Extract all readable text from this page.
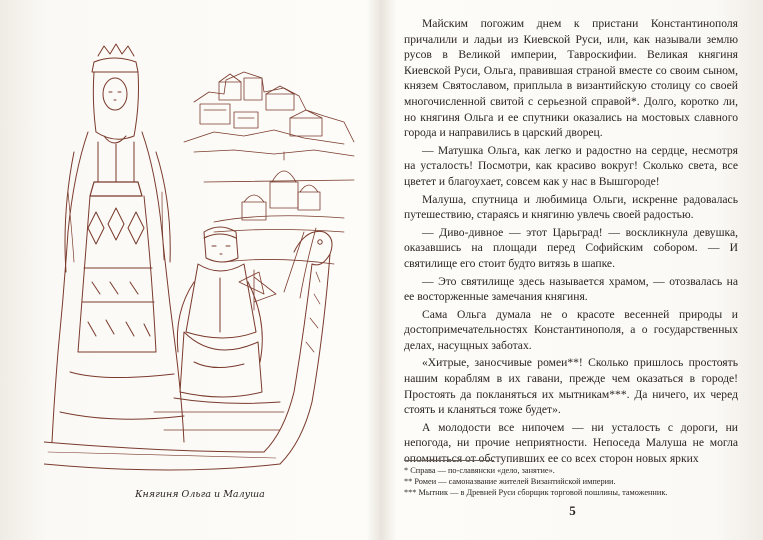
Княгиня Ольга и Малуша

Майским погожим днем к пристани Константинополя причалили и ладьи из Киевской Руси, или, как называли землю русов в Великой империи, Тавроскифии. Великая княгиня Киевской Руси, Ольга, правившая страной вместе со своим сыном, князем Святославом, приплыла в византийскую столицу со своей многочисленной свитой с серьезной справой*. Долго, коротко ли, но княгиня Ольга и ее спутники оказались на мостовых славного города и направились в царский дворец.

— Матушка Ольга, как легко и радостно на сердце, несмотря на усталость! Посмотри, как красиво вокруг! Сколько света, все цветет и благоухает, совсем как у нас в Вышгороде!

Малуша, спутница и любимица Ольги, искренне радовалась путешествию, стараясь и княгиню увлечь своей радостью.

— Диво-дивное — этот Царьград! — воскликнула девушка, оказавшись на площади перед Софийским собором. — И святилище его стоит будто витязь в шапке.

— Это святилище здесь называется храмом, — отозвалась на ее восторженные замечания княгиня.

Сама Ольга думала не о красоте весенней природы и достопримечательностях Константинополя, а о государственных делах, насущных заботах.

«Хитрые, заносчивые ромеи**! Сколько пришлось простоять нашим кораблям в их гавани, прежде чем оказаться в городе! Простоять да покланяться их мытникам***. Да ничего, их черед стоять и кланяться тоже будет».

А молодости все нипочем — ни усталость с дороги, ни непогода, ни прочие неприятности. Непоседа Малуша не могла опомниться от обступивших ее со всех сторон новых ярких

* Справа — по-славянски «дело, занятие».
** Ромеи — самоназвание жителей Византийской империи.
*** Мытник — в Древней Руси сборщик торговой пошлины, таможенник.
5
